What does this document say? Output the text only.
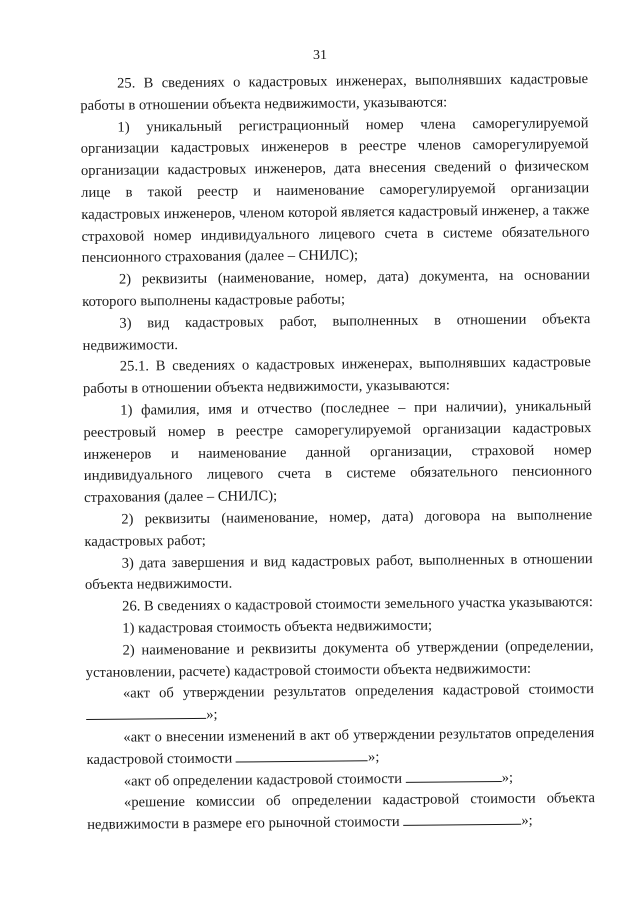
31

25. В сведениях о кадастровых инженерах, выполнявших кадастровые работы в отношении объекта недвижимости, указываются:

1) уникальный регистрационный номер члена саморегулируемой организации кадастровых инженеров в реестре членов саморегулируемой организации кадастровых инженеров, дата внесения сведений о физическом лице в такой реестр и наименование саморегулируемой организации кадастровых инженеров, членом которой является кадастровый инженер, а также страховой номер индивидуального лицевого счета в системе обязательного пенсионного страхования (далее – СНИЛС);

2) реквизиты (наименование, номер, дата) документа, на основании которого выполнены кадастровые работы;

3) вид кадастровых работ, выполненных в отношении объекта недвижимости.

25.1. В сведениях о кадастровых инженерах, выполнявших кадастровые работы в отношении объекта недвижимости, указываются:

1) фамилия, имя и отчество (последнее – при наличии), уникальный реестровый номер в реестре саморегулируемой организации кадастровых инженеров и наименование данной организации, страховой номер индивидуального лицевого счета в системе обязательного пенсионного страхования (далее – СНИЛС);

2) реквизиты (наименование, номер, дата) договора на выполнение кадастровых работ;

3) дата завершения и вид кадастровых работ, выполненных в отношении объекта недвижимости.

26. В сведениях о кадастровой стоимости земельного участка указываются:

1) кадастровая стоимость объекта недвижимости;

2) наименование и реквизиты документа об утверждении (определении, установлении, расчете) кадастровой стоимости объекта недвижимости:

«акт об утверждении результатов определения кадастровой стоимости »;

«акт о внесении изменений в акт об утверждении результатов определения кадастровой стоимости	»;

«акт об определении кадастровой стоимости	»;

«решение комиссии об определении кадастровой стоимости объекта недвижимости в размере его рыночной стоимости	»;
